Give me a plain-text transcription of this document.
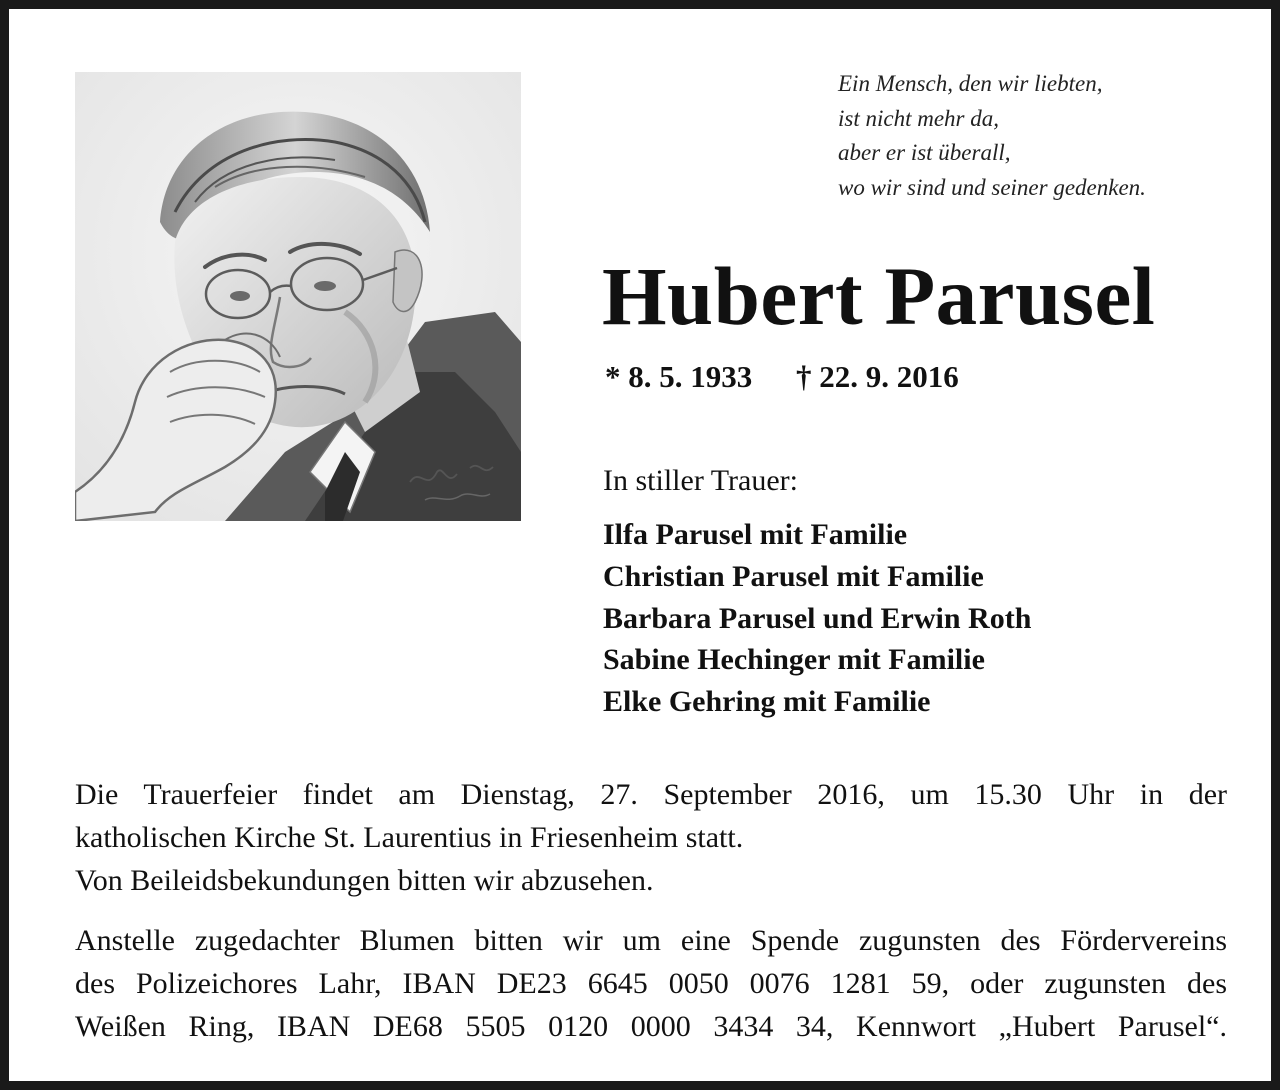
Ein Mensch, den wir liebten,
ist nicht mehr da,
aber er ist überall,
wo wir sind und seiner gedenken.
Hubert Parusel
* 8. 5. 1933 † 22. 9. 2016
In stiller Trauer:
Ilfa Parusel mit Familie
Christian Parusel mit Familie
Barbara Parusel und Erwin Roth
Sabine Hechinger mit Familie
Elke Gehring mit Familie
Die Trauerfeier findet am Dienstag, 27. September 2016, um 15.30 Uhr in der
katholischen Kirche St. Laurentius in Friesenheim statt.
Von Beileidsbekundungen bitten wir abzusehen.
Anstelle zugedachter Blumen bitten wir um eine Spende zugunsten des Fördervereins
des Polizeichores Lahr, IBAN DE23 6645 0050 0076 1281 59, oder zugunsten des
Weißen Ring, IBAN DE68 5505 0120 0000 3434 34, Kennwort „Hubert Parusel“.
